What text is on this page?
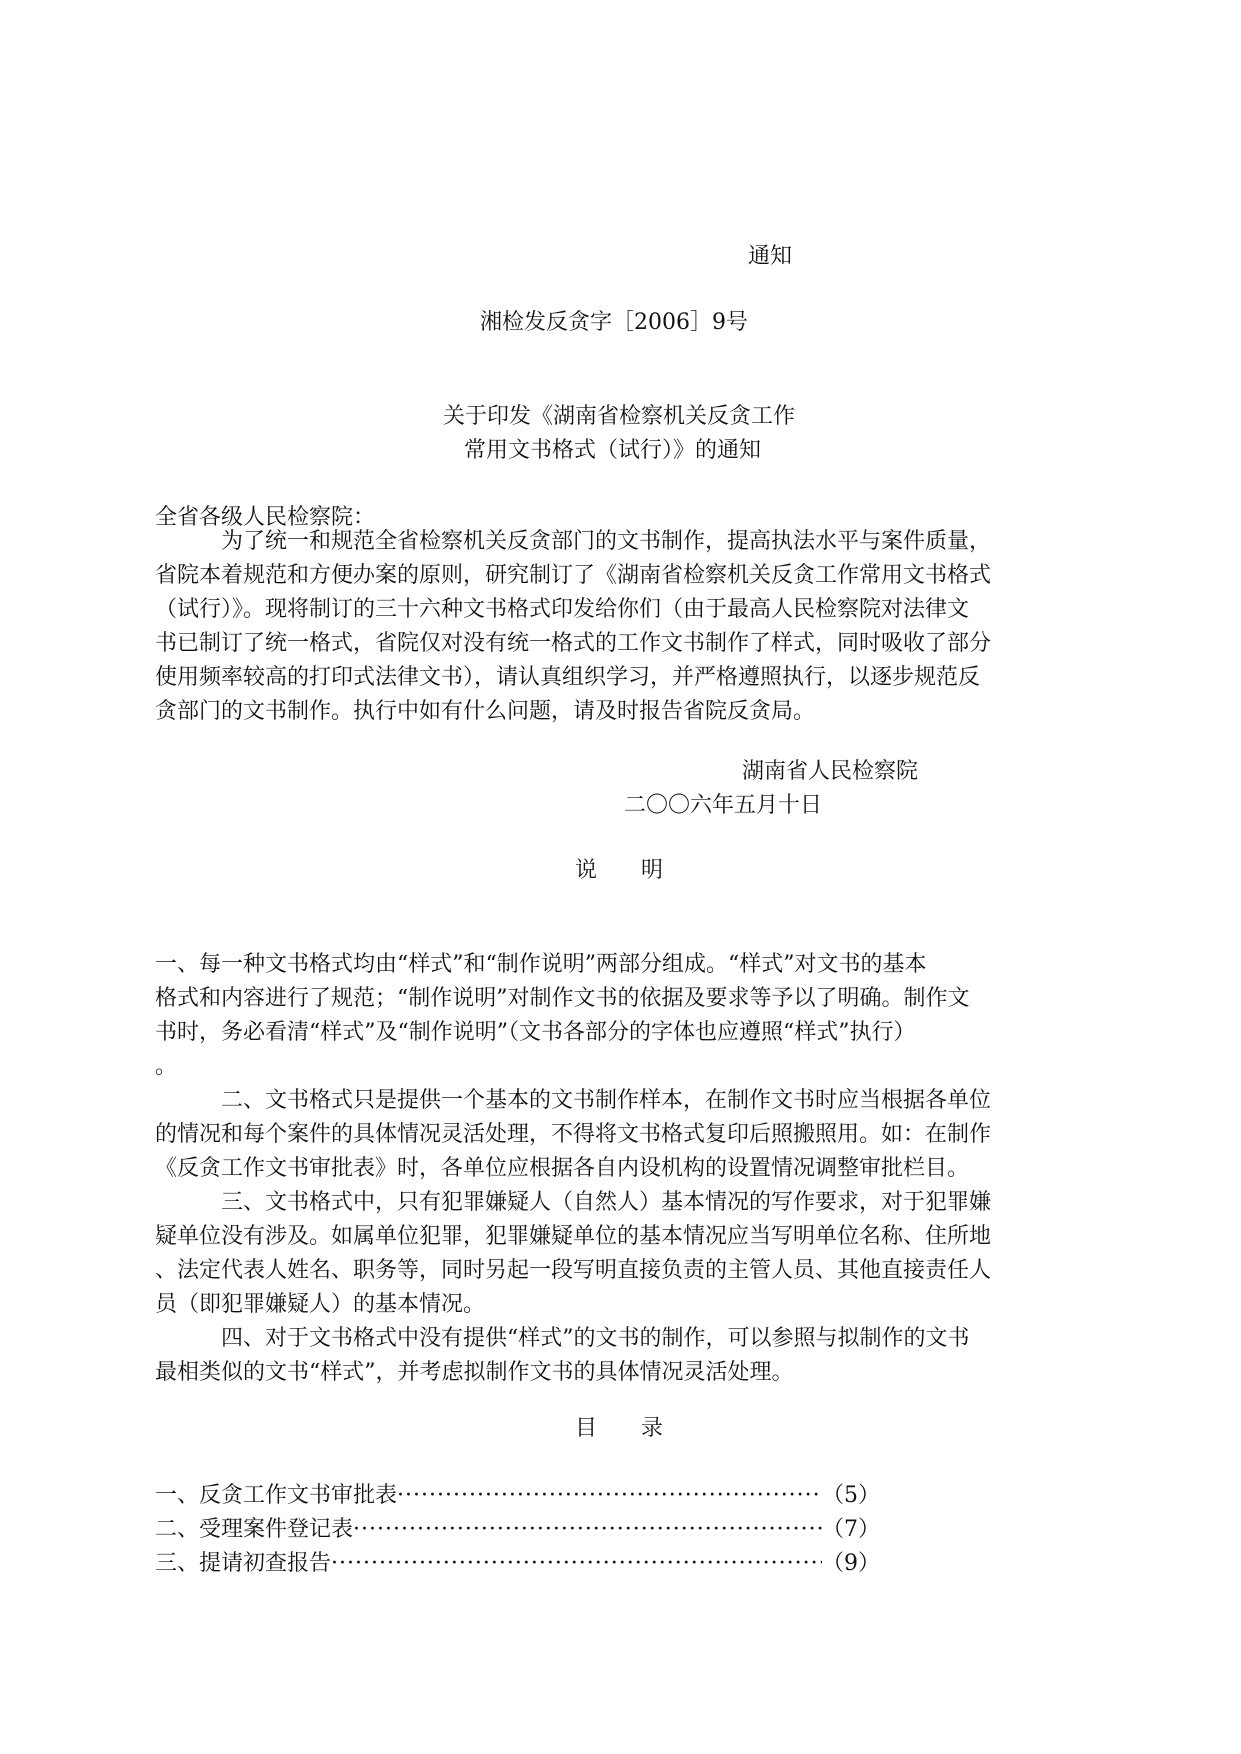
通知
湘检发反贪字［2006］9号
关于印发《湖南省检察机关反贪工作
常用文书格式（试行）》的通知
全省各级人民检察院：
为了统一和规范全省检察机关反贪部门的文书制作，提高执法水平与案件质量，
省院本着规范和方便办案的原则，研究制订了《湖南省检察机关反贪工作常用文书格式
（试行）》。现将制订的三十六种文书格式印发给你们（由于最高人民检察院对法律文
书已制订了统一格式，省院仅对没有统一格式的工作文书制作了样式，同时吸收了部分
使用频率较高的打印式法律文书），请认真组织学习，并严格遵照执行，以逐步规范反
贪部门的文书制作。执行中如有什么问题，请及时报告省院反贪局。
湖南省人民检察院
二〇〇六年五月十日
说　　明
一、每一种文书格式均由“样式”和“制作说明”两部分组成。“样式”对文书的基本
格式和内容进行了规范；“制作说明”对制作文书的依据及要求等予以了明确。制作文
书时，务必看清“样式”及“制作说明”（文书各部分的字体也应遵照“样式”执行）
。
二、文书格式只是提供一个基本的文书制作样本，在制作文书时应当根据各单位
的情况和每个案件的具体情况灵活处理，不得将文书格式复印后照搬照用。如：在制作
《反贪工作文书审批表》时，各单位应根据各自内设机构的设置情况调整审批栏目。
三、文书格式中，只有犯罪嫌疑人（自然人）基本情况的写作要求，对于犯罪嫌
疑单位没有涉及。如属单位犯罪，犯罪嫌疑单位的基本情况应当写明单位名称、住所地
、法定代表人姓名、职务等，同时另起一段写明直接负责的主管人员、其他直接责任人
员（即犯罪嫌疑人）的基本情况。
四、对于文书格式中没有提供“样式”的文书的制作，可以参照与拟制作的文书
最相类似的文书“样式”，并考虑拟制作文书的具体情况灵活处理。
目　　录
一、反贪工作文书审批表 ·····	（5）
二、受理案件登记表 ·····	（7）
三、提请初查报告 ·····	（9）
